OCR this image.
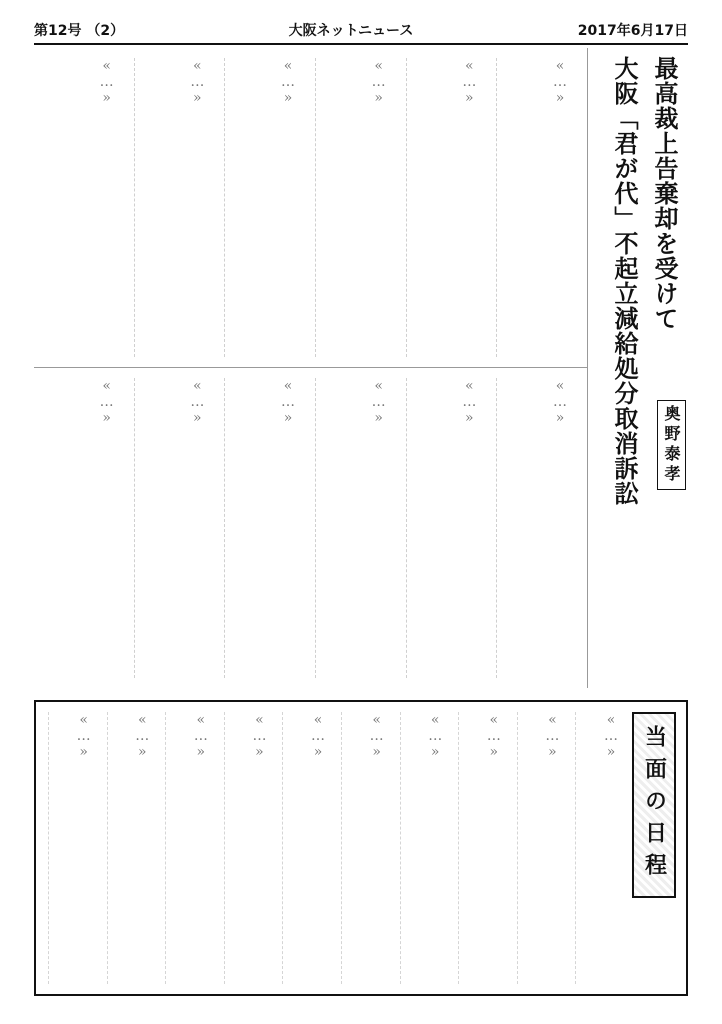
第12号 （2）	大阪ネットニュース	2017年6月17日
大阪「君が代」不起立減給処分取消訴訟 最高裁上告棄却を受けて
奥野泰孝
«…»
«…»
«…»
«…»
«…»
«…»
«…»
«…»
«…»
«…»
«…»
«…»
当面の日程
«…»
«…»
«…»
«…»
«…»
«…»
«…»
«…»
«…»
«…»
